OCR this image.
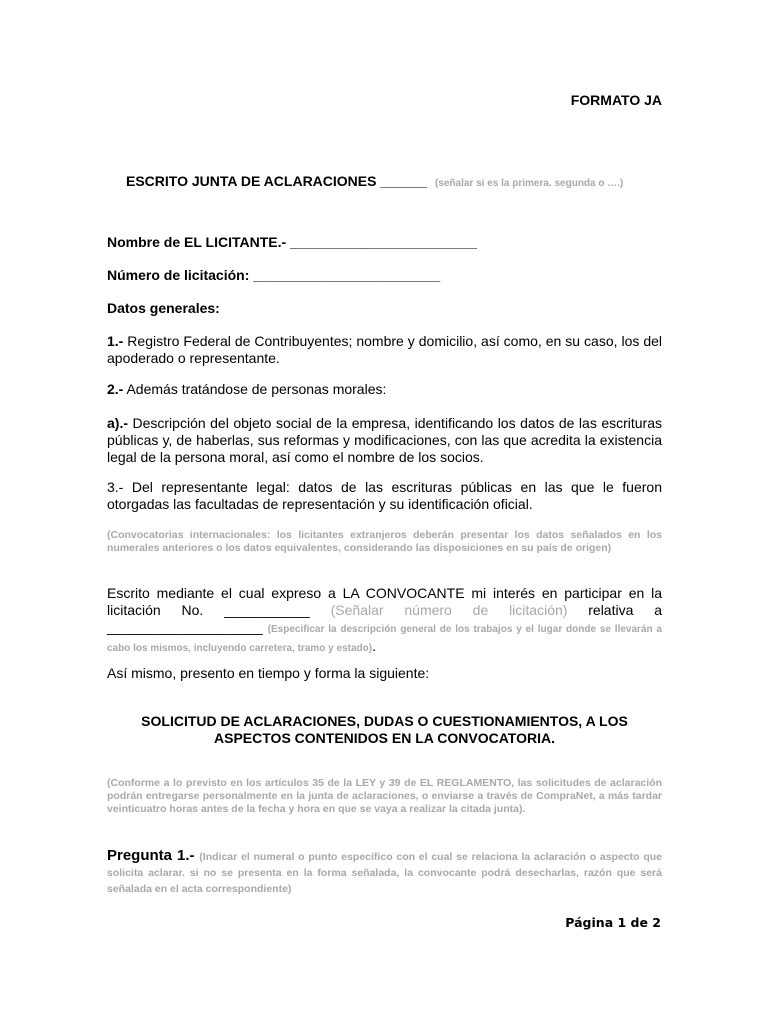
FORMATO JA
ESCRITO JUNTA DE ACLARACIONES ______ (señalar si es la primera. segunda o ….)
Nombre de EL LICITANTE.- ________________________
Número de licitación: ________________________
Datos generales:
1.- Registro Federal de Contribuyentes; nombre y domicilio, así como, en su caso, los del apoderado o representante.
2.- Además tratándose de personas morales:
a).- Descripción del objeto social de la empresa, identificando los datos de las escrituras públicas y, de haberlas, sus reformas y modificaciones, con las que acredita la existencia legal de la persona moral, así como el nombre de los socios.
3.- Del representante legal: datos de las escrituras públicas en las que le fueron otorgadas las facultadas de representación y su identificación oficial.
(Convocatorias internacionales: los licitantes extranjeros deberán presentar los datos señalados en los numerales anteriores o los datos equivalentes, considerando las disposiciones en su país de origen)
Escrito mediante el cual expreso a LA CONVOCANTE mi interés en participar en la licitación No. ___________ (Señalar número de licitación) relativa a ____________________ (Especificar la descripción general de los trabajos y el lugar donde se llevarán a cabo los mismos, incluyendo carretera, tramo y estado).
Así mismo, presento en tiempo y forma la siguiente:
SOLICITUD DE ACLARACIONES, DUDAS O CUESTIONAMIENTOS, A LOS ASPECTOS CONTENIDOS EN LA CONVOCATORIA.
(Conforme a lo previsto en los artículos 35 de la LEY y 39 de EL REGLAMENTO, las solicitudes de aclaración podrán entregarse personalmente en la junta de aclaraciones, o enviarse a través de CompraNet, a más tardar veinticuatro horas antes de la fecha y hora en que se vaya a realizar la citada junta).
Pregunta 1.- (Indicar el numeral o punto específico con el cual se relaciona la aclaración o aspecto que solicita aclarar. si no se presenta en la forma señalada, la convocante podrá desecharlas, razón que será señalada en el acta correspondiente)
Página 1 de 2
